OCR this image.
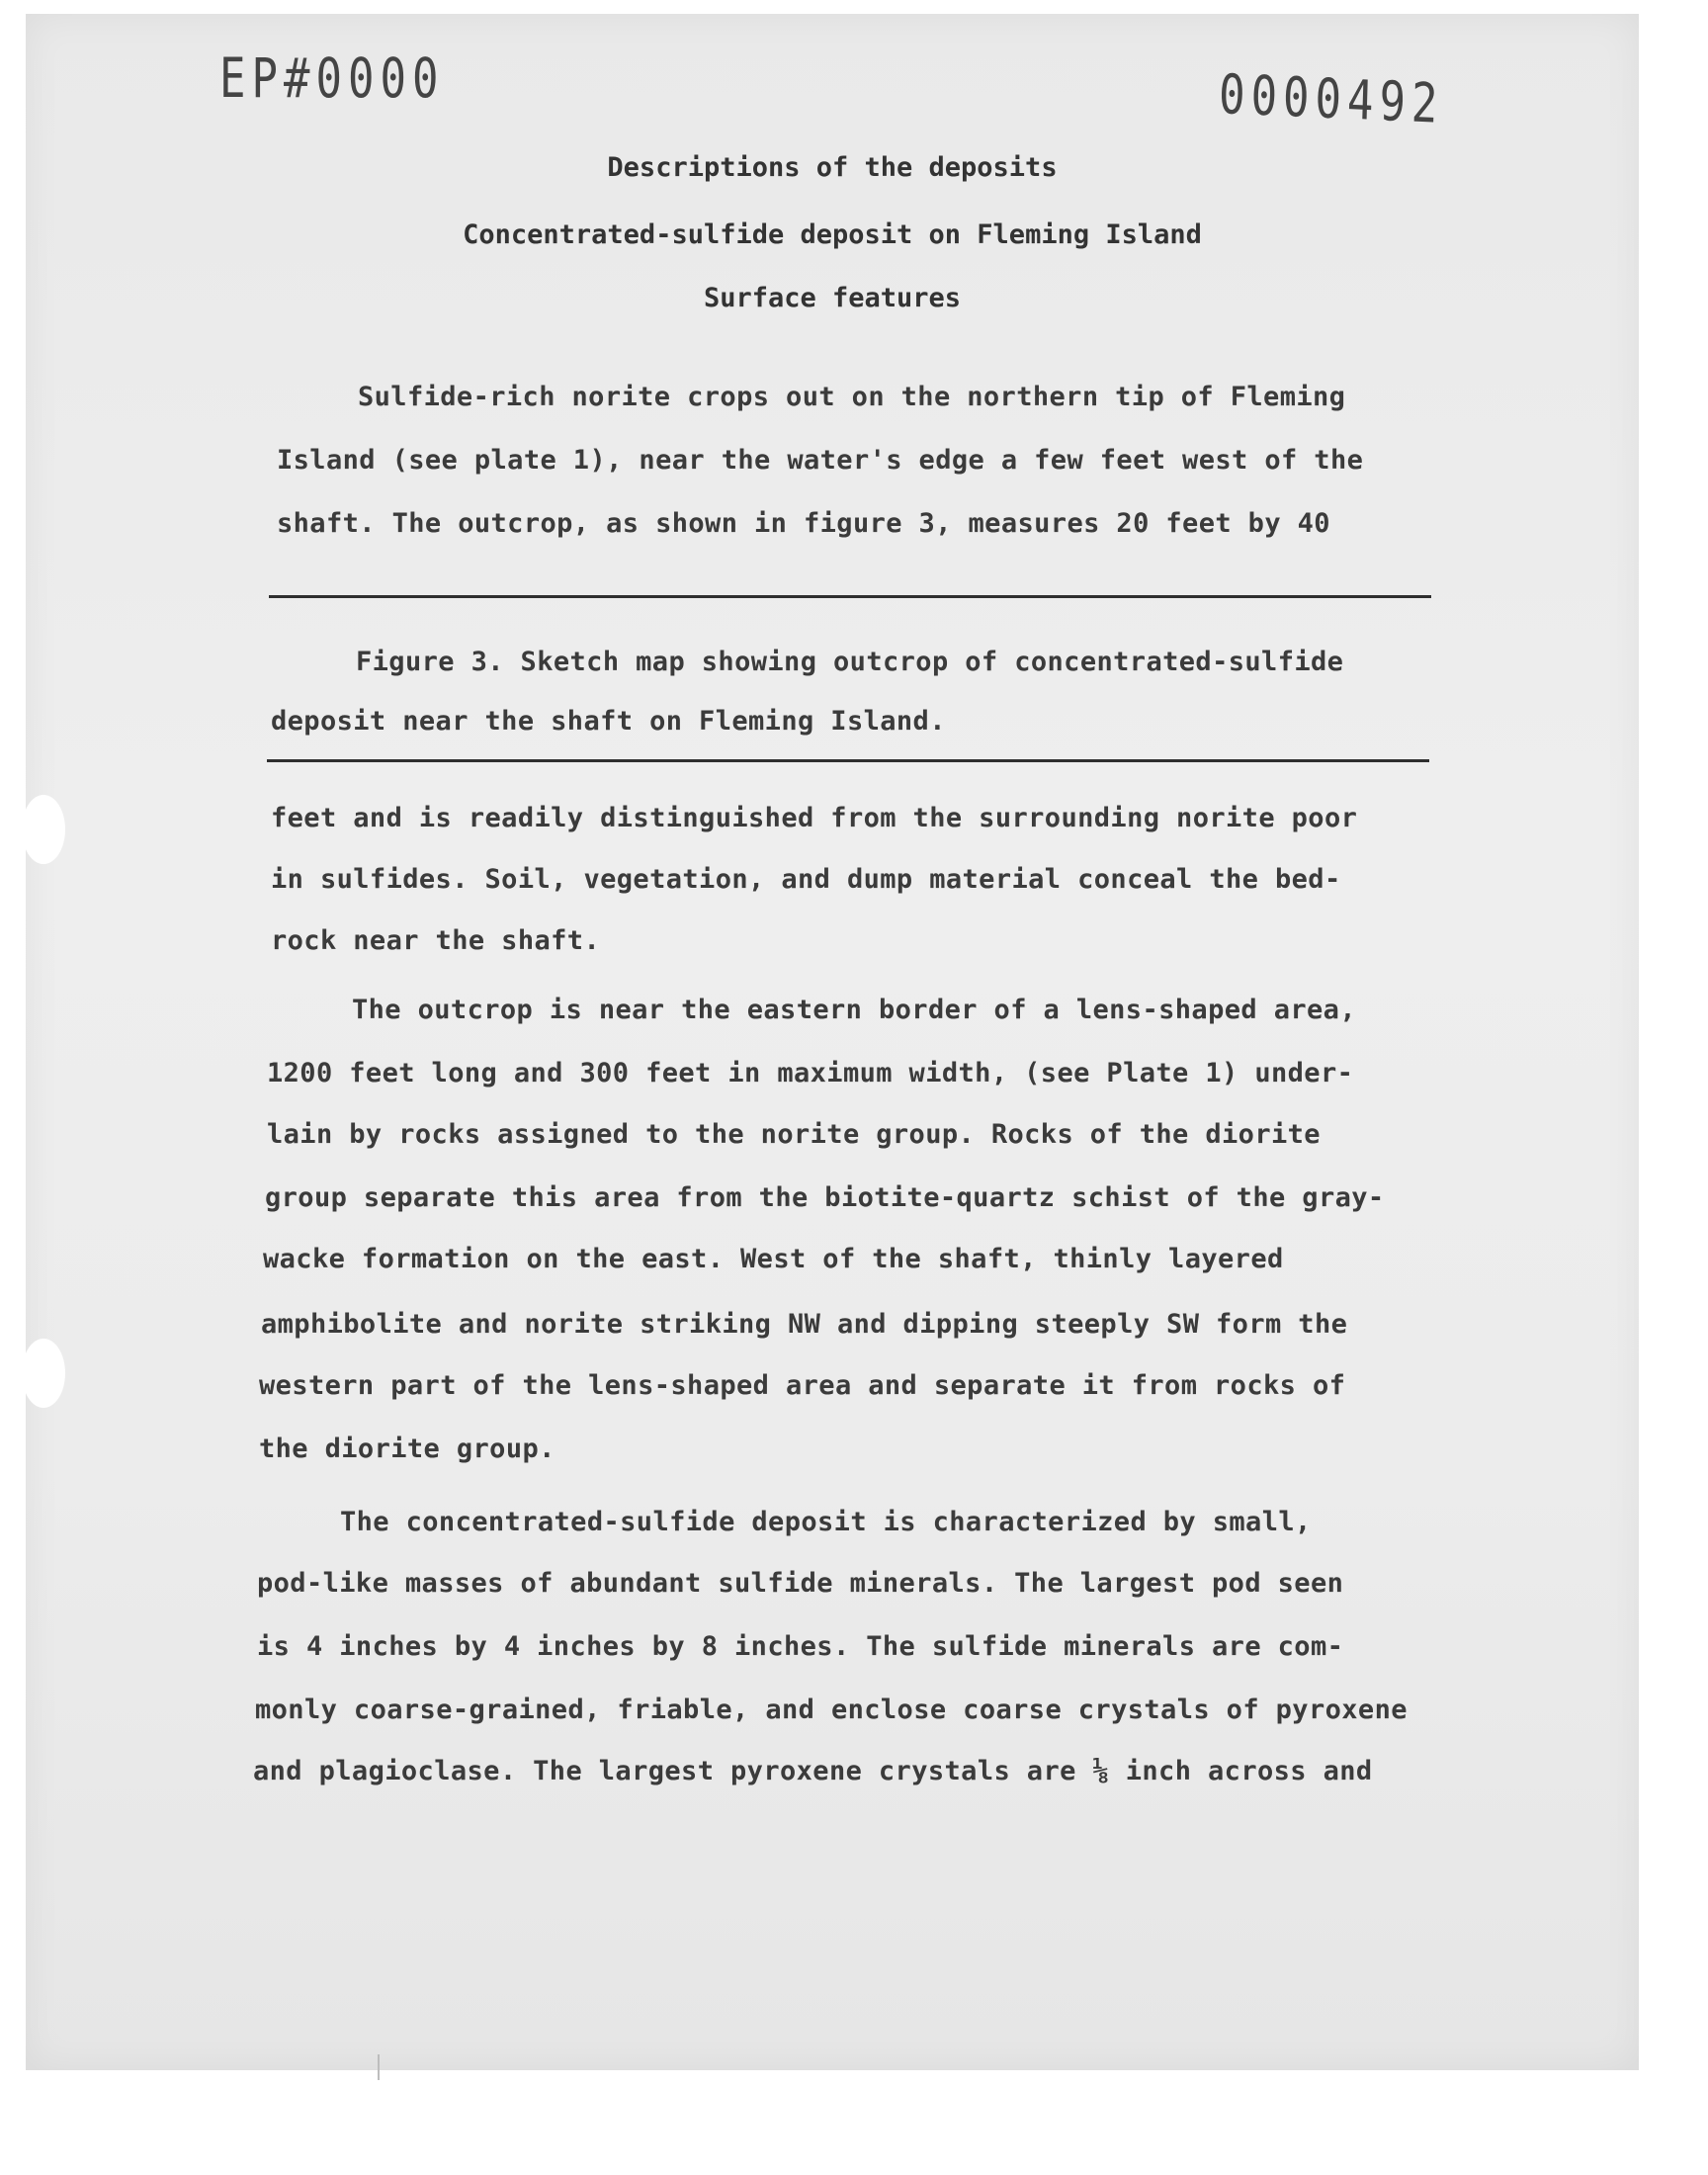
EP#0000	0000492
Descriptions of the deposits
Concentrated-sulfide deposit on Fleming Island
Surface features
Sulfide-rich norite crops out on the northern tip of Fleming
Island (see plate 1), near the water's edge a few feet west of the
shaft. The outcrop, as shown in figure 3, measures 20 feet by 40
Figure 3. Sketch map showing outcrop of concentrated-sulfide
deposit near the shaft on Fleming Island.
feet and is readily distinguished from the surrounding norite poor
in sulfides. Soil, vegetation, and dump material conceal the bed-
rock near the shaft.
The outcrop is near the eastern border of a lens-shaped area,
1200 feet long and 300 feet in maximum width, (see Plate 1) under-
lain by rocks assigned to the norite group. Rocks of the diorite
group separate this area from the biotite-quartz schist of the gray-
wacke formation on the east. West of the shaft, thinly layered
amphibolite and norite striking NW and dipping steeply SW form the
western part of the lens-shaped area and separate it from rocks of
the diorite group.
The concentrated-sulfide deposit is characterized by small,
pod-like masses of abundant sulfide minerals. The largest pod seen
is 4 inches by 4 inches by 8 inches. The sulfide minerals are com-
monly coarse-grained, friable, and enclose coarse crystals of pyroxene
and plagioclase. The largest pyroxene crystals are ⅛ inch across and
